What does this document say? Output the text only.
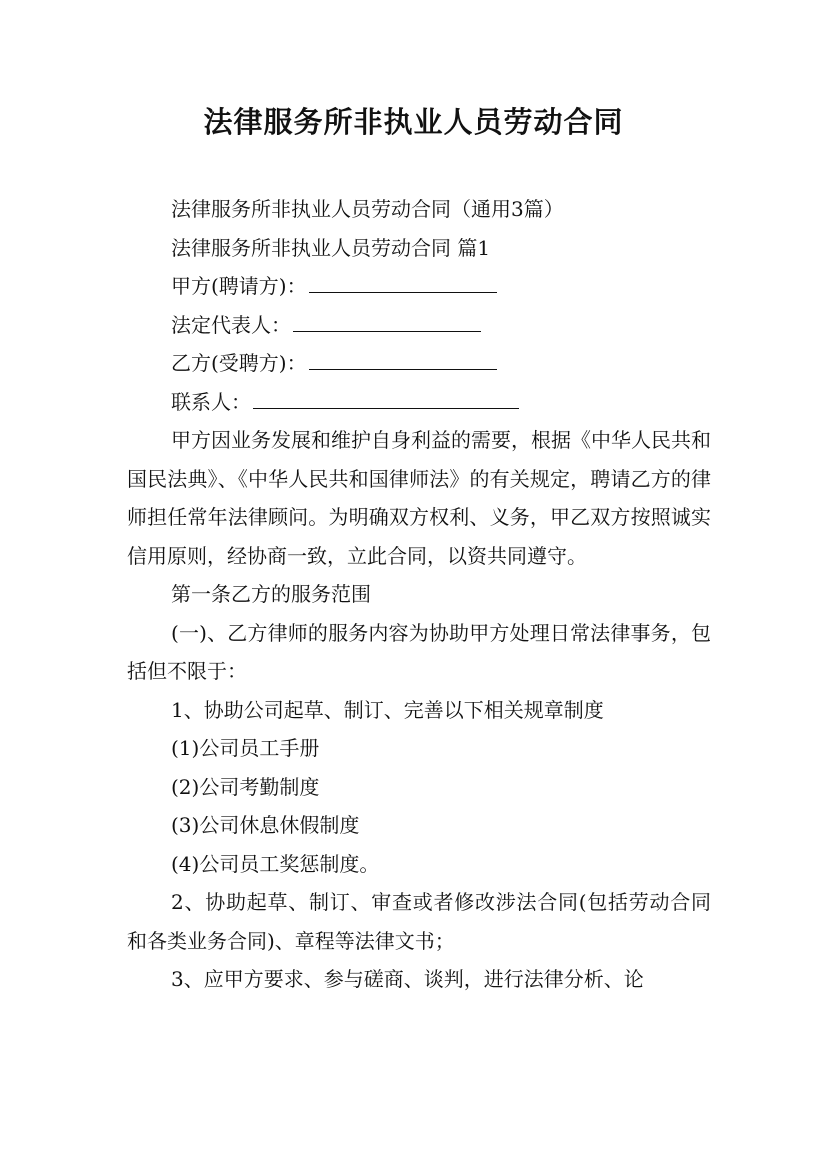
法律服务所非执业人员劳动合同

法律服务所非执业人员劳动合同（通用3篇）

法律服务所非执业人员劳动合同 篇1

甲方(聘请方)：

法定代表人：

乙方(受聘方)：

联系人：

甲方因业务发展和维护自身利益的需要，根据《中华人民共和国民法典》、《中华人民共和国律师法》的有关规定，聘请乙方的律师担任常年法律顾问。为明确双方权利、义务，甲乙双方按照诚实信用原则，经协商一致，立此合同，以资共同遵守。

第一条乙方的服务范围

(一)、乙方律师的服务内容为协助甲方处理日常法律事务，包括但不限于：

1、协助公司起草、制订、完善以下相关规章制度

(1)公司员工手册

(2)公司考勤制度

(3)公司休息休假制度

(4)公司员工奖惩制度。

2、协助起草、制订、审查或者修改涉法合同(包括劳动合同和各类业务合同)、章程等法律文书；

3、应甲方要求、参与磋商、谈判，进行法律分析、论
